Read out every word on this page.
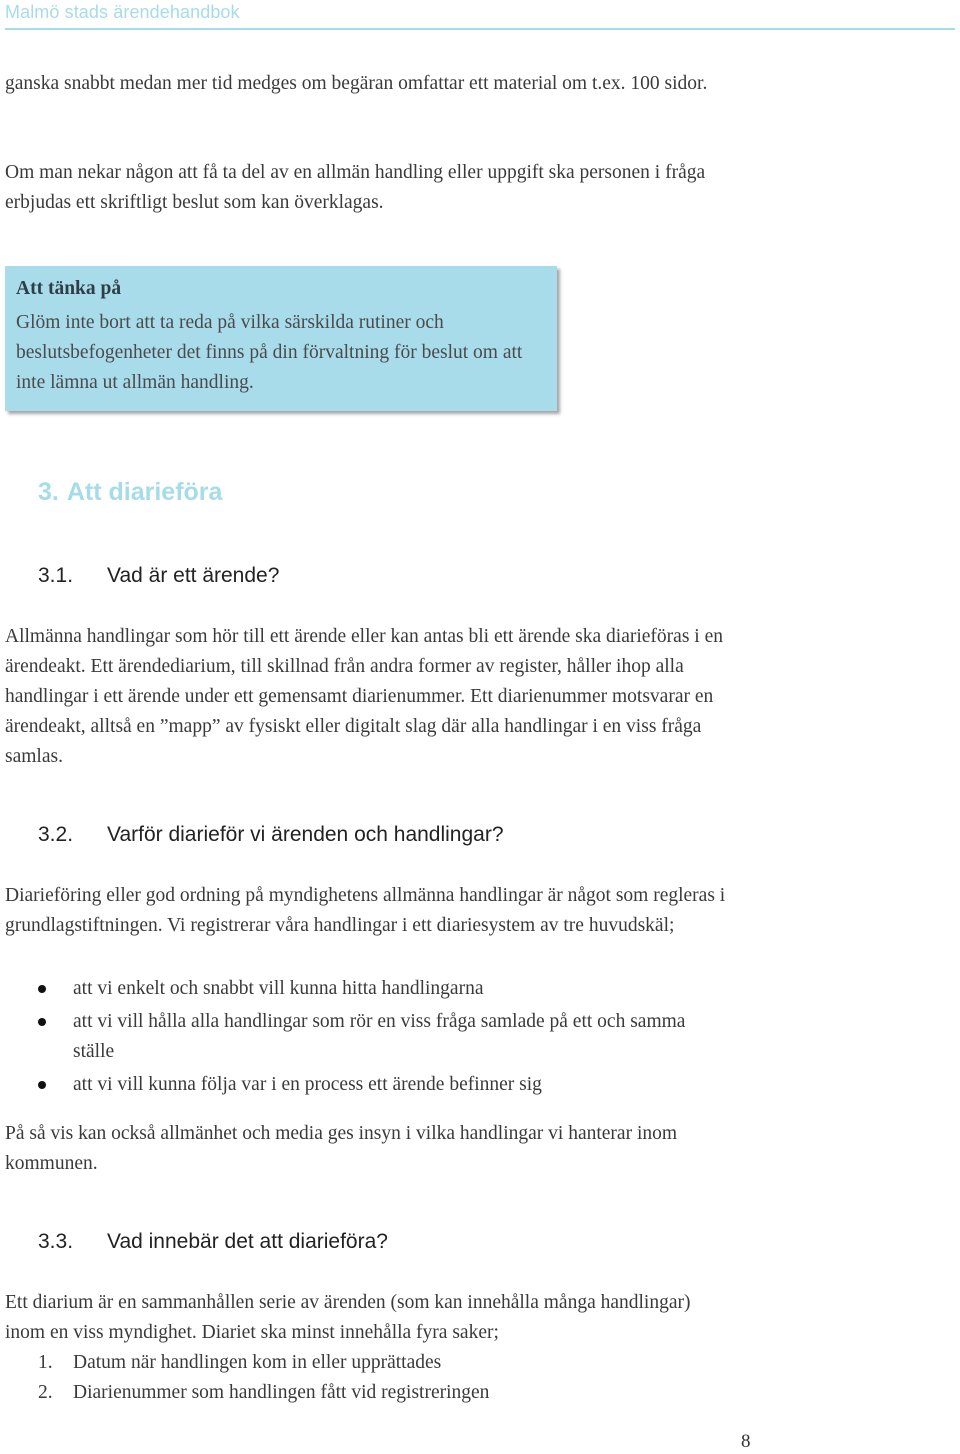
Malmö stads ärendehandbok

ganska snabbt medan mer tid medges om begäran omfattar ett material om t.ex. 100 sidor.

Om man nekar någon att få ta del av en allmän handling eller uppgift ska personen i fråga erbjudas ett skriftligt beslut som kan överklagas.

Att tänka på
Glöm inte bort att ta reda på vilka särskilda rutiner och beslutsbefogenheter det finns på din förvaltning för beslut om att inte lämna ut allmän handling.
3. Att diarieföra
3.1. Vad är ett ärende?

Allmänna handlingar som hör till ett ärende eller kan antas bli ett ärende ska diarieföras i en ärendeakt. Ett ärendediarium, till skillnad från andra former av register, håller ihop alla handlingar i ett ärende under ett gemensamt diarienummer. Ett diarienummer motsvarar en ärendeakt, alltså en ”mapp” av fysiskt eller digitalt slag där alla handlingar i en viss fråga samlas.

3.2. Varför diarieför vi ärenden och handlingar?

Diarieföring eller god ordning på myndighetens allmänna handlingar är något som regleras i grundlagstiftningen. Vi registrerar våra handlingar i ett diariesystem av tre huvudskäl;

att vi enkelt och snabbt vill kunna hitta handlingarna
att vi vill hålla alla handlingar som rör en viss fråga samlade på ett och samma ställe
att vi vill kunna följa var i en process ett ärende befinner sig

På så vis kan också allmänhet och media ges insyn i vilka handlingar vi hanterar inom kommunen.

3.3. Vad innebär det att diarieföra?

Ett diarium är en sammanhållen serie av ärenden (som kan innehålla många handlingar) inom en viss myndighet. Diariet ska minst innehålla fyra saker;

1. Datum när handlingen kom in eller upprättades
2. Diarienummer som handlingen fått vid registreringen
8
